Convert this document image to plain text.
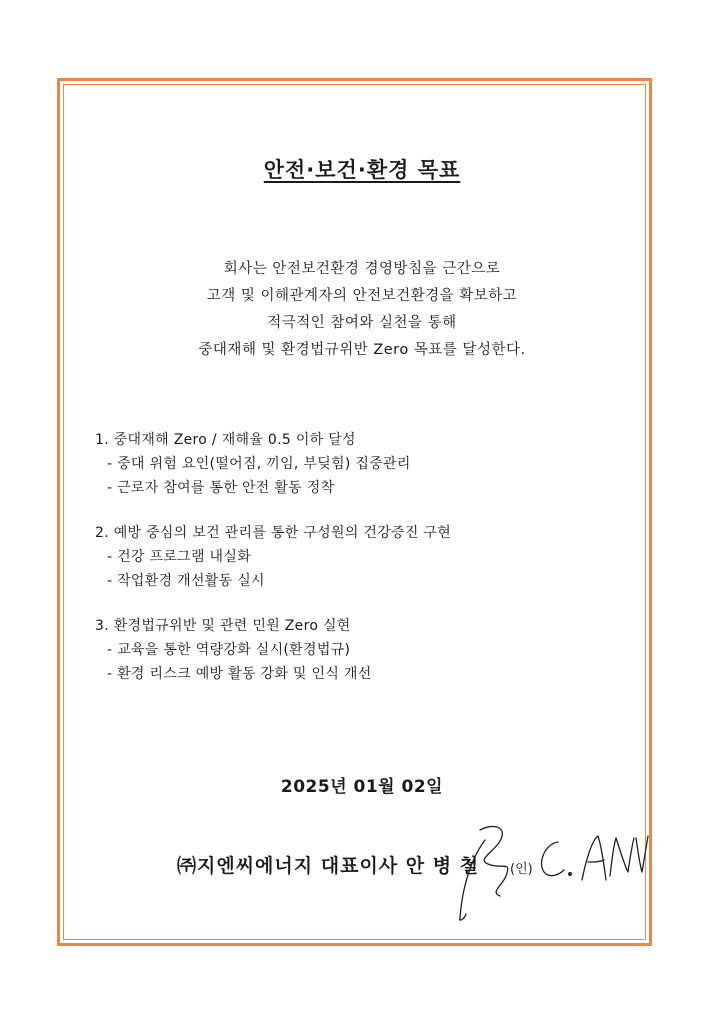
안전·보건·환경 목표
회사는 안전보건환경 경영방침을 근간으로
고객 및 이해관계자의 안전보건환경을 확보하고
적극적인 참여와 실천을 통해
중대재해 및 환경법규위반 Zero 목표를 달성한다.
1. 중대재해 Zero / 재해율 0.5 이하 달성
- 중대 위험 요인(떨어짐, 끼임, 부딪힘) 집중관리
- 근로자 참여를 통한 안전 활동 정착
2. 예방 중심의 보건 관리를 통한 구성원의 건강증진 구현
- 건강 프로그램 내실화
- 작업환경 개선활동 실시
3. 환경법규위반 및 관련 민원 Zero 실현
- 교육을 통한 역량강화 실시(환경법규)
- 환경 리스크 예방 활동 강화 및 인식 개선
2025년 01월 02일
㈜지엔씨에너지 대표이사 안 병 철 (인)
